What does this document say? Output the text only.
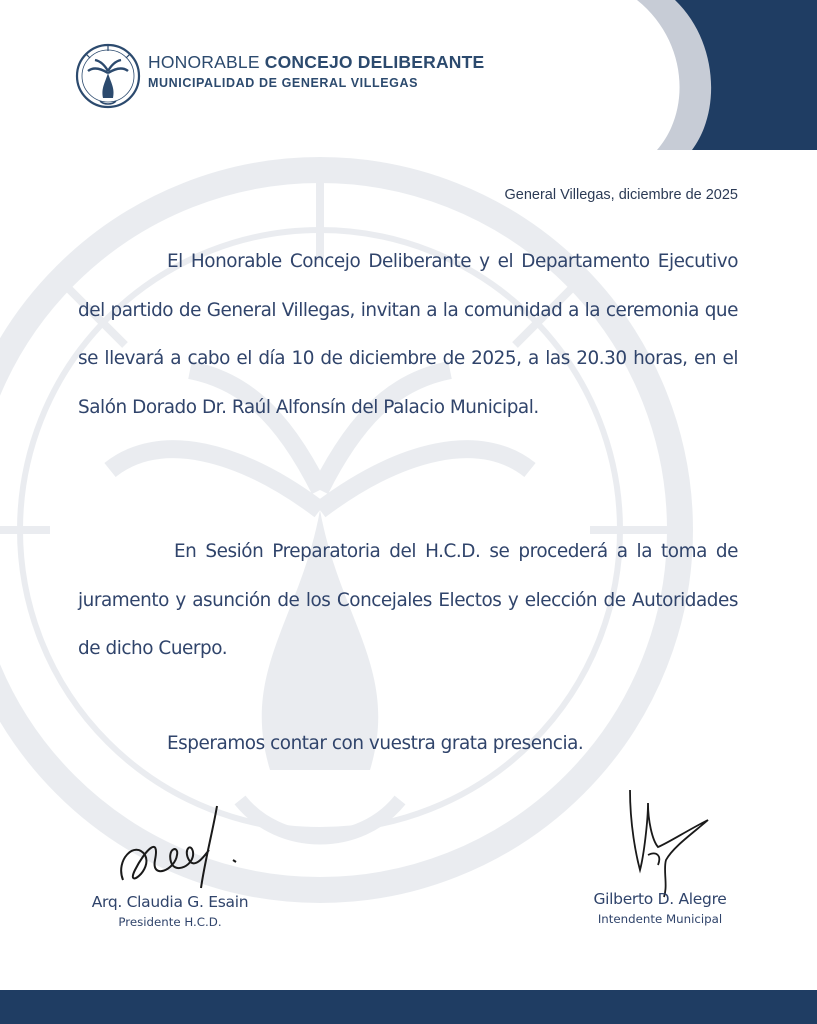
HONORABLE CONCEJO DELIBERANTE
MUNICIPALIDAD DE GENERAL VILLEGAS
General Villegas, diciembre de 2025
El Honorable Concejo Deliberante y el Departamento Ejecutivo del partido de General Villegas, invitan a la comunidad a la ceremonia que se llevará a cabo el día 10 de diciembre de 2025, a las 20.30 horas, en el Salón Dorado Dr. Raúl Alfonsín del Palacio Municipal.
En Sesión Preparatoria del H.C.D. se procederá a la toma de juramento y asunción de los Concejales Electos y elección de Autoridades de dicho Cuerpo.
Esperamos contar con vuestra grata presencia.
Arq. Claudia G. Esain
Presidente H.C.D.
Gilberto D. Alegre
Intendente Municipal
